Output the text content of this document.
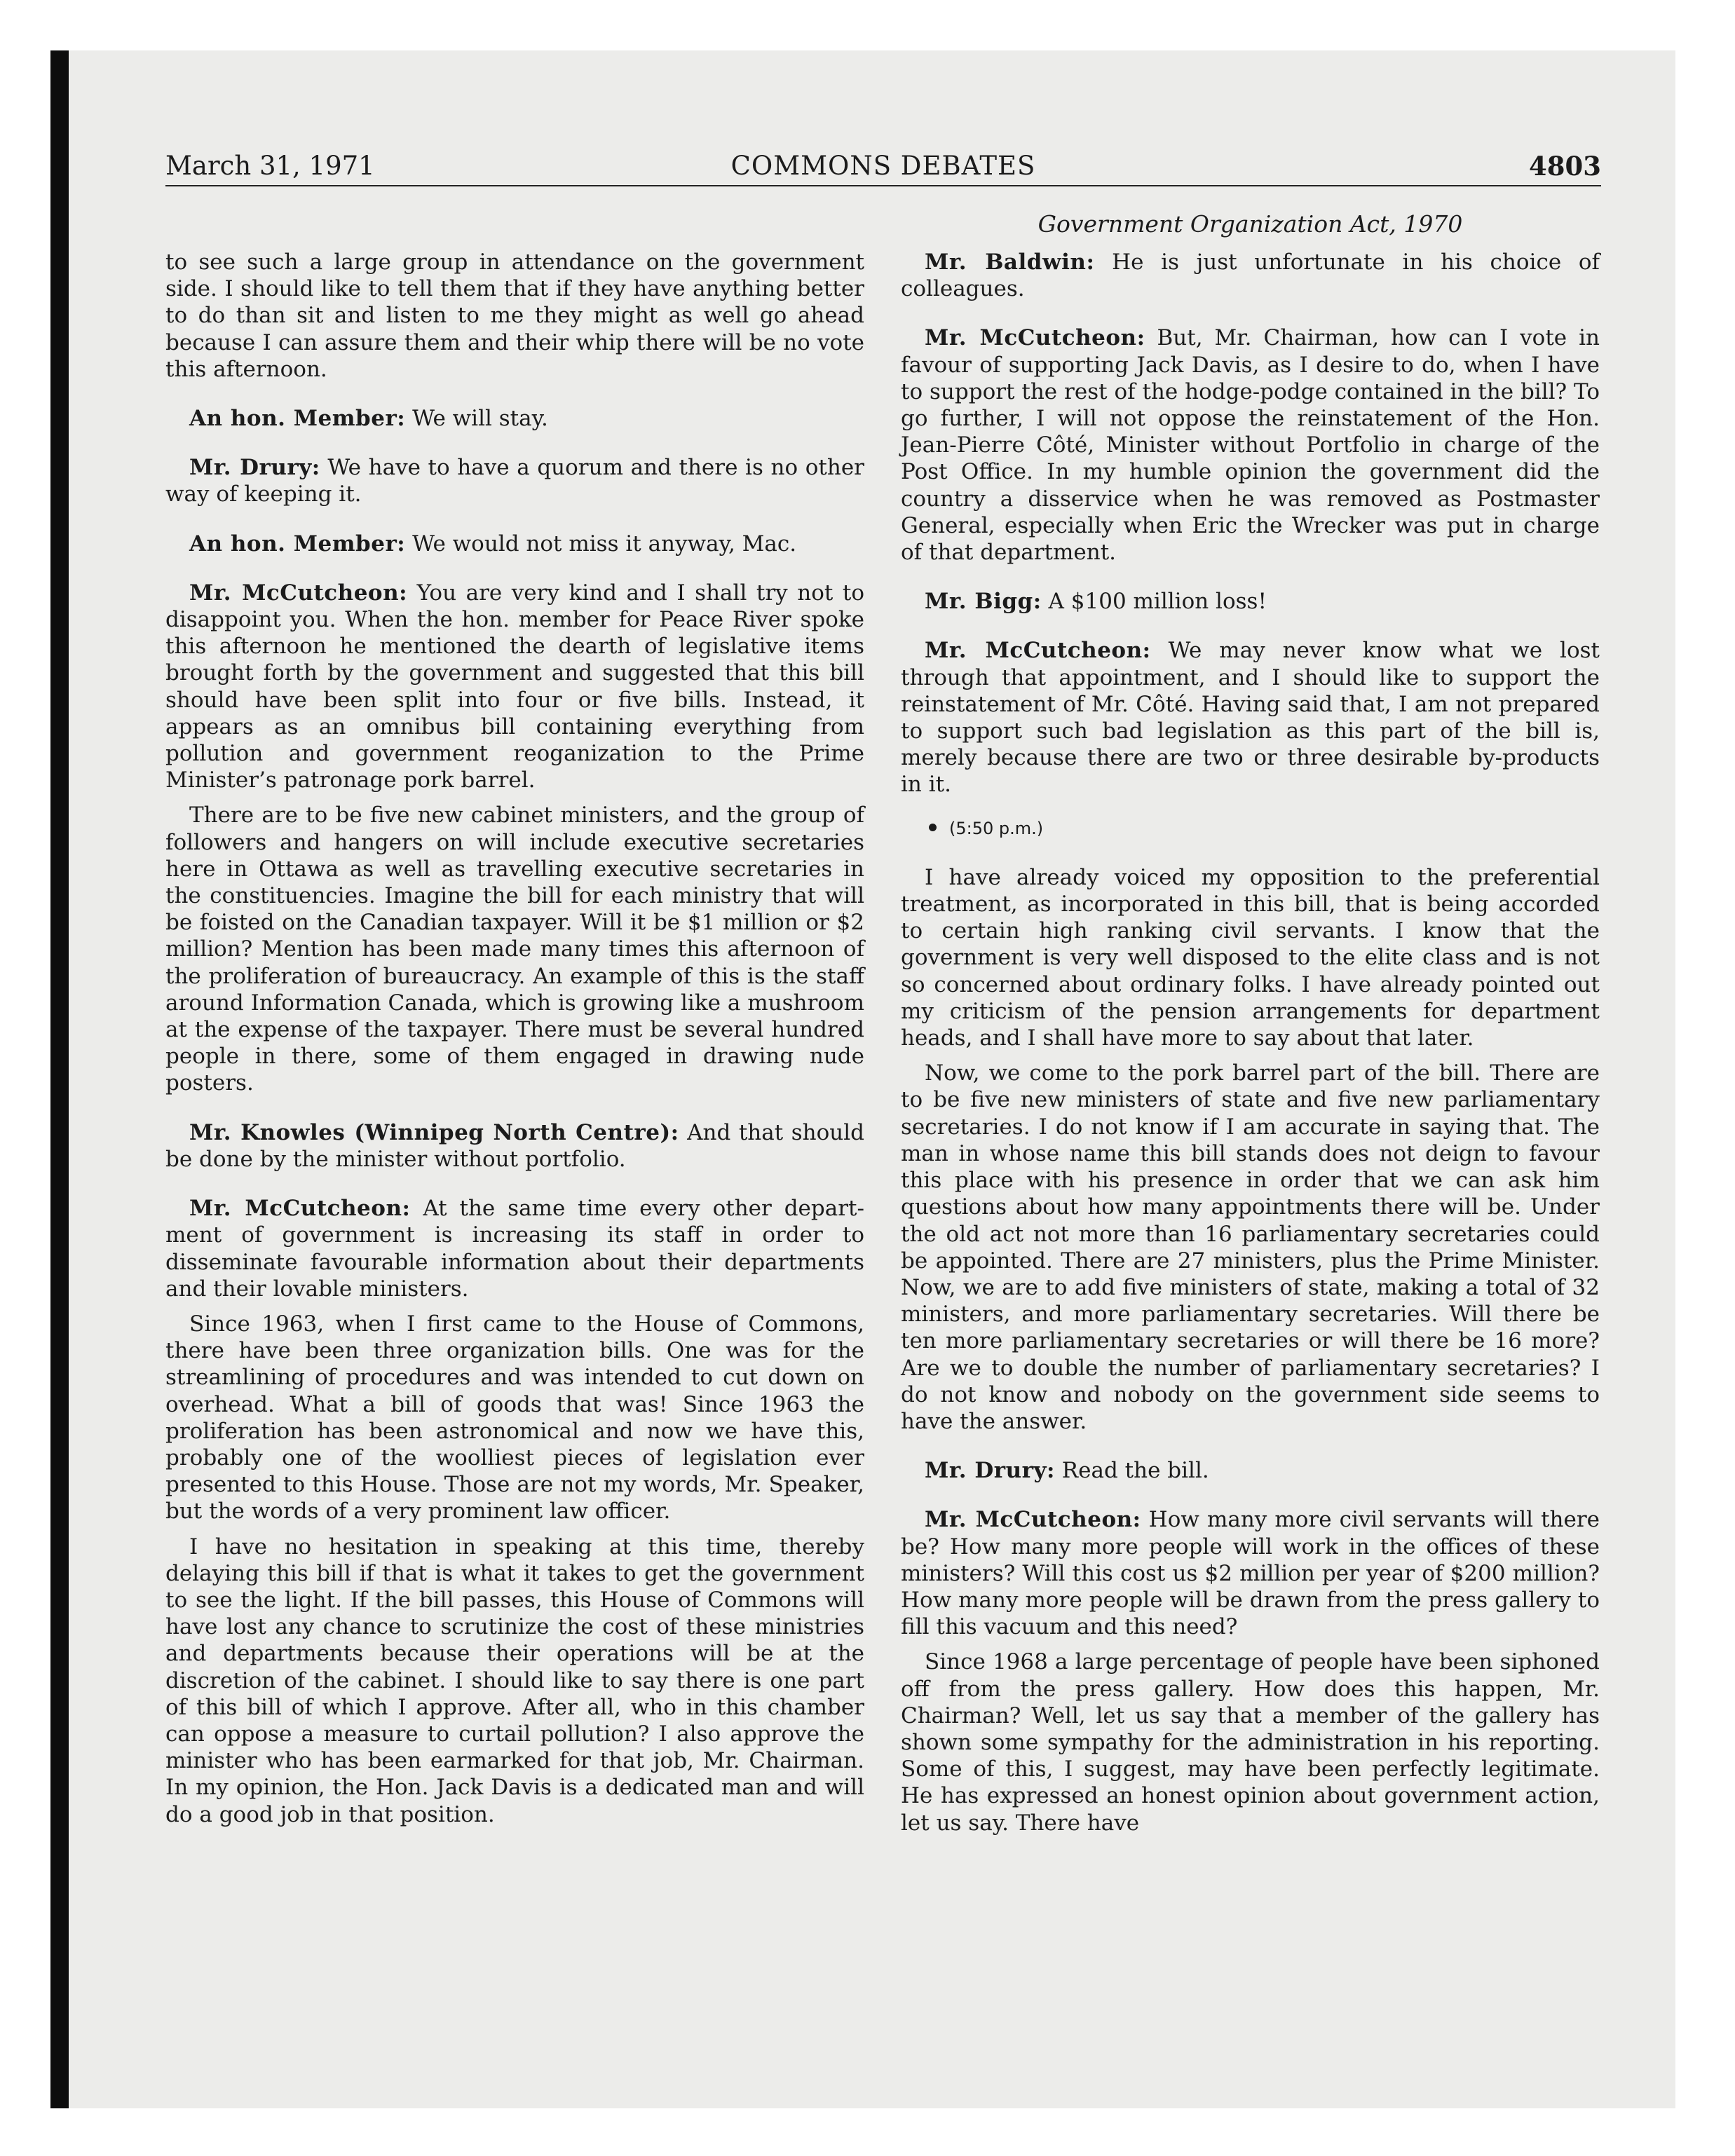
March 31, 1971	COMMONS DEBATES	4803
Government Organization Act, 1970

to see such a large group in attendance on the government side. I should like to tell them that if they have anything better to do than sit and listen to me they might as well go ahead because I can assure them and their whip there will be no vote this afternoon.

An hon. Member: We will stay.

Mr. Drury: We have to have a quorum and there is no other way of keeping it.

An hon. Member: We would not miss it anyway, Mac.

Mr. McCutcheon: You are very kind and I shall try not to disappoint you. When the hon. member for Peace River spoke this afternoon he mentioned the dearth of legislative items brought forth by the government and suggested that this bill should have been split into four or five bills. Instead, it appears as an omnibus bill containing everything from pollution and government reoganization to the Prime Minister’s patronage pork barrel.

There are to be five new cabinet ministers, and the group of followers and hangers on will include executive secretaries here in Ottawa as well as travelling executive secretaries in the constituencies. Imagine the bill for each ministry that will be foisted on the Canadian taxpayer. Will it be $1 million or $2 million? Mention has been made many times this afternoon of the proliferation of bureaucracy. An example of this is the staff around Information Canada, which is growing like a mushroom at the expense of the taxpayer. There must be several hundred people in there, some of them engaged in drawing nude posters.

Mr. Knowles (Winnipeg North Centre): And that should be done by the minister without portfolio.

Mr. McCutcheon: At the same time every other department of government is increasing its staff in order to disseminate favourable information about their departments and their lovable ministers.

Since 1963, when I first came to the House of Commons, there have been three organization bills. One was for the streamlining of procedures and was intended to cut down on overhead. What a bill of goods that was! Since 1963 the proliferation has been astronomical and now we have this, probably one of the woolliest pieces of legislation ever presented to this House. Those are not my words, Mr. Speaker, but the words of a very prominent law officer.

I have no hesitation in speaking at this time, thereby delaying this bill if that is what it takes to get the government to see the light. If the bill passes, this House of Commons will have lost any chance to scrutinize the cost of these ministries and departments because their operations will be at the discretion of the cabinet. I should like to say there is one part of this bill of which I approve. After all, who in this chamber can oppose a measure to curtail pollution? I also approve the minister who has been earmarked for that job, Mr. Chairman. In my opinion, the Hon. Jack Davis is a dedicated man and will do a good job in that position.

Mr. Baldwin: He is just unfortunate in his choice of colleagues.

Mr. McCutcheon: But, Mr. Chairman, how can I vote in favour of supporting Jack Davis, as I desire to do, when I have to support the rest of the hodge-podge contained in the bill? To go further, I will not oppose the reinstatement of the Hon. Jean-Pierre Côté, Minister without Portfolio in charge of the Post Office. In my humble opinion the government did the country a disservice when he was removed as Postmaster General, especially when Eric the Wrecker was put in charge of that department.

Mr. Bigg: A $100 million loss!

Mr. McCutcheon: We may never know what we lost through that appointment, and I should like to support the reinstatement of Mr. Côté. Having said that, I am not prepared to support such bad legislation as this part of the bill is, merely because there are two or three desirable by-products in it.

(5:50 p.m.)

I have already voiced my opposition to the preferential treatment, as incorporated in this bill, that is being accorded to certain high ranking civil servants. I know that the government is very well disposed to the elite class and is not so concerned about ordinary folks. I have already pointed out my criticism of the pension arrangements for department heads, and I shall have more to say about that later.

Now, we come to the pork barrel part of the bill. There are to be five new ministers of state and five new parliamentary secretaries. I do not know if I am accurate in saying that. The man in whose name this bill stands does not deign to favour this place with his presence in order that we can ask him questions about how many appointments there will be. Under the old act not more than 16 parliamentary secretaries could be appointed. There are 27 ministers, plus the Prime Minister. Now, we are to add five ministers of state, making a total of 32 ministers, and more parliamentary secretaries. Will there be ten more parliamentary secretaries or will there be 16 more? Are we to double the number of parliamentary secretaries? I do not know and nobody on the government side seems to have the answer.

Mr. Drury: Read the bill.

Mr. McCutcheon: How many more civil servants will there be? How many more people will work in the offices of these ministers? Will this cost us $2 million per year of $200 million? How many more people will be drawn from the press gallery to fill this vacuum and this need?

Since 1968 a large percentage of people have been siphoned off from the press gallery. How does this happen, Mr. Chairman? Well, let us say that a member of the gallery has shown some sympathy for the administration in his reporting. Some of this, I suggest, may have been perfectly legitimate. He has expressed an honest opinion about government action, let us say. There have
